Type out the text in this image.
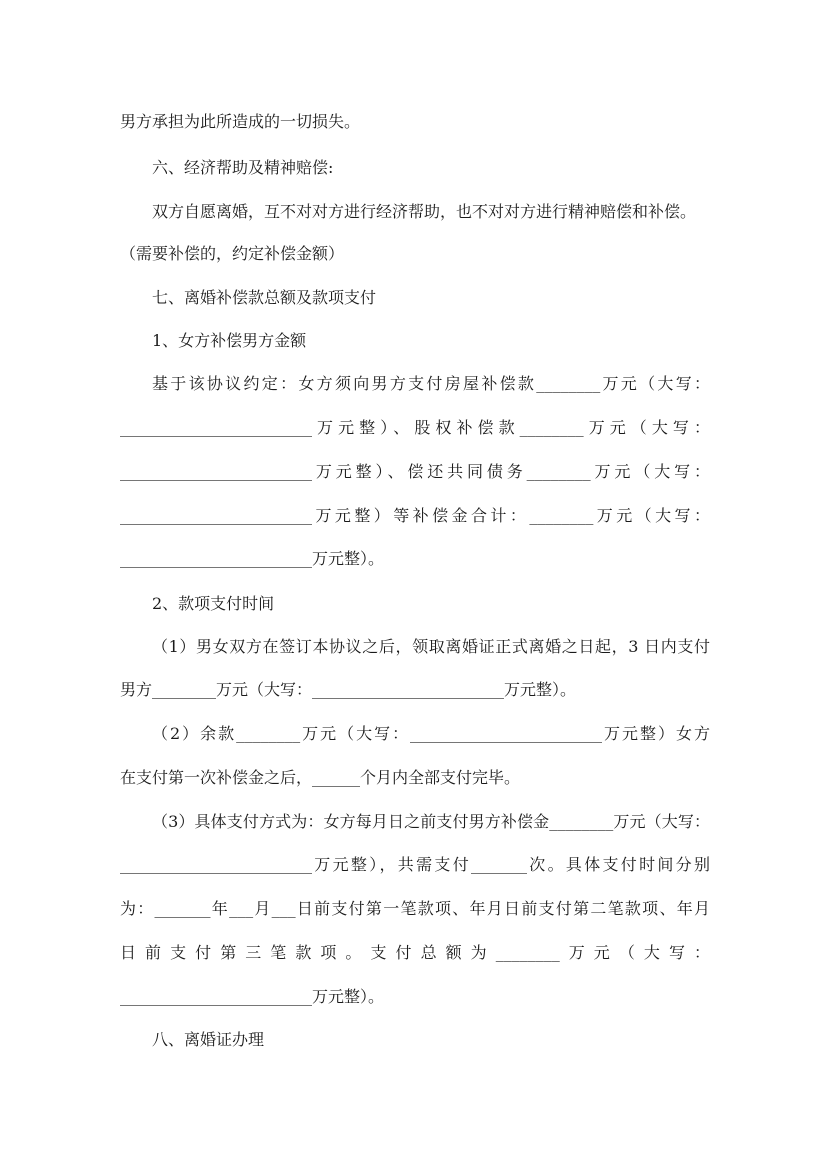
男方承担为此所造成的一切损失。
六、经济帮助及精神赔偿:
双方自愿离婚，互不对对方进行经济帮助，也不对对方进行精神赔偿和补偿。
（需要补偿的，约定补偿金额）
七、离婚补偿款总额及款项支付
1、女方补偿男方金额
基于该协议约定：女方须向男方支付房屋补偿款________万元（大写：
________________________万元整）、股权补偿款________万元（大写：
________________________万元整）、偿还共同债务________万元（大写：
________________________万元整）等补偿金合计：________万元（大写：
________________________万元整）。
2、款项支付时间
（1）男女双方在签订本协议之后，领取离婚证正式离婚之日起，3 日内支付
男方________万元（大写：________________________万元整）。
（2）余款________万元（大写：________________________万元整）女方
在支付第一次补偿金之后，______个月内全部支付完毕。
（3）具体支付方式为：女方每月日之前支付男方补偿金________万元（大写：
________________________万元整），共需支付_______次。具体支付时间分别
为：_______年___月___日前支付第一笔款项、年月日前支付第二笔款项、年月
日前支付第三笔款项。支付总额为________万元（大写：
________________________万元整）。
八、离婚证办理
